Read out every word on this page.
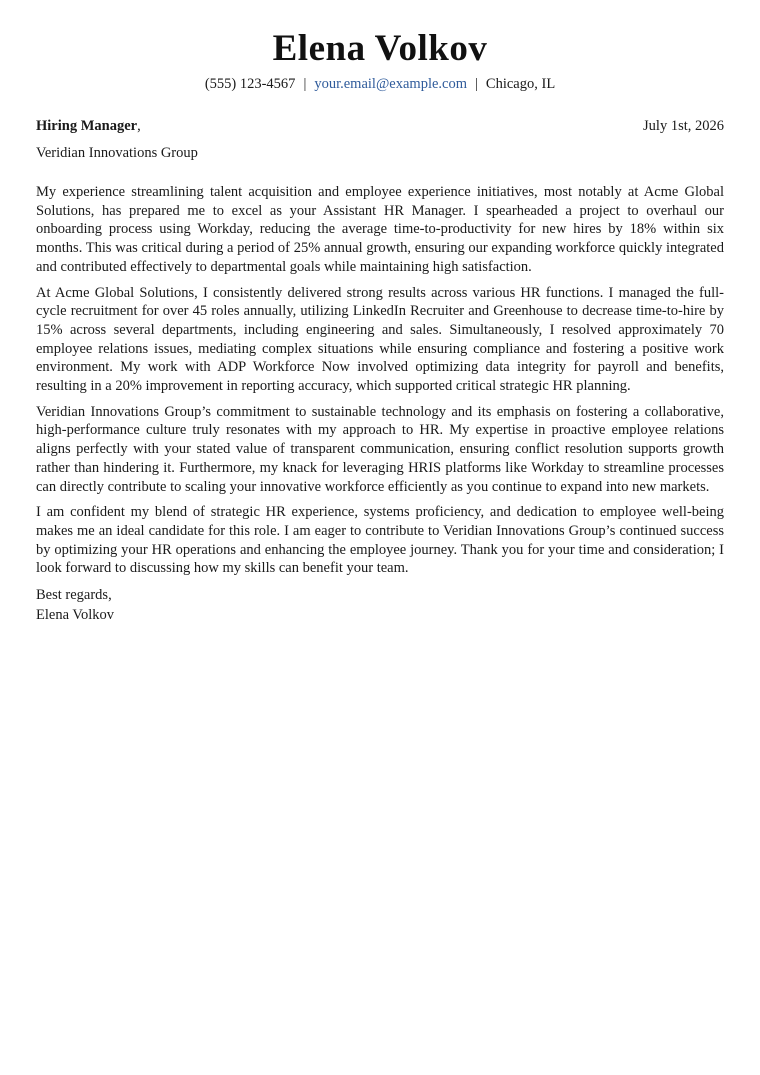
Elena Volkov
(555) 123-4567 | your.email@example.com | Chicago, IL
Hiring Manager,	July 1st, 2026
Veridian Innovations Group

My experience streamlining talent acquisition and employee experience initiatives, most notably at Acme Global Solutions, has prepared me to excel as your Assistant HR Manager. I spearheaded a project to overhaul our onboarding process using Workday, reducing the average time-to-productivity for new hires by 18% within six months. This was critical during a period of 25% annual growth, ensuring our expanding workforce quickly integrated and contributed effectively to departmental goals while maintaining high satisfaction.

At Acme Global Solutions, I consistently delivered strong results across various HR functions. I managed the full-cycle recruitment for over 45 roles annually, utilizing LinkedIn Recruiter and Greenhouse to decrease time-to-hire by 15% across several departments, including engineering and sales. Simultaneously, I resolved approximately 70 employee relations issues, mediating complex situations while ensuring compliance and fostering a positive work environment. My work with ADP Workforce Now involved optimizing data integrity for payroll and benefits, resulting in a 20% improvement in reporting accuracy, which supported critical strategic HR planning.

Veridian Innovations Group’s commitment to sustainable technology and its emphasis on fostering a collaborative, high-performance culture truly resonates with my approach to HR. My expertise in proactive employee relations aligns perfectly with your stated value of transparent communication, ensuring conflict resolution supports growth rather than hindering it. Furthermore, my knack for leveraging HRIS platforms like Workday to streamline processes can directly contribute to scaling your innovative workforce efficiently as you continue to expand into new markets.

I am confident my blend of strategic HR experience, systems proficiency, and dedication to employee well-being makes me an ideal candidate for this role. I am eager to contribute to Veridian Innovations Group’s continued success by optimizing your HR operations and enhancing the employee journey. Thank you for your time and consideration; I look forward to discussing how my skills can benefit your team.

Best regards,
Elena Volkov
